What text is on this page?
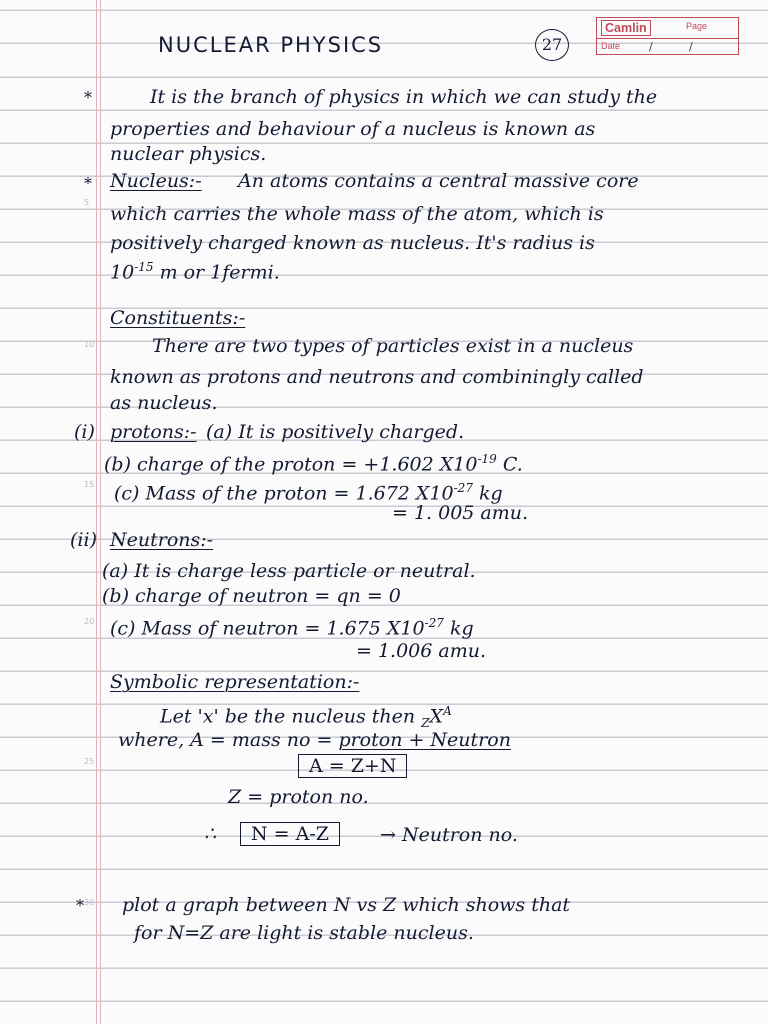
5
10
15
20
25
30
Camlin	Page
Date	/	/
NUCLEAR PHYSICS	27
*	It is the branch of physics in which we can study the
properties and behaviour of a nucleus is known as
nuclear physics.
* Nucleus:- An atoms contains a central massive core
which carries the whole mass of the atom, which is
positively charged known as nucleus. It's radius is
$10^{-15}$ m or 1fermi.
Constituents:-
There are two types of particles exist in a nucleus
known as protons and neutrons and combiningly called
as nucleus.
(i) protons:- (a) It is positively charged.
(b) charge of the proton = +1.602 $X10^{-19}$ C.
(c) Mass of the proton = 1.672 $X10^{-27}$ kg
= 1. 005 amu.
(ii) Neutrons:-
(a) It is charge less particle or neutral.
(b) charge of neutron = qn = 0
(c) Mass of neutron = 1.675 $X10^{-27}$ kg
= 1.006 amu.
Symbolic representation:-
Let 'x' be the nucleus then $_ZX^A$
where, A = mass no = proton + Neutron
A = Z+N
Z = proton no.
∴	N = A-Z	→ Neutron no.
* plot a graph between N vs Z which shows that
for N=Z are light is stable nucleus.
